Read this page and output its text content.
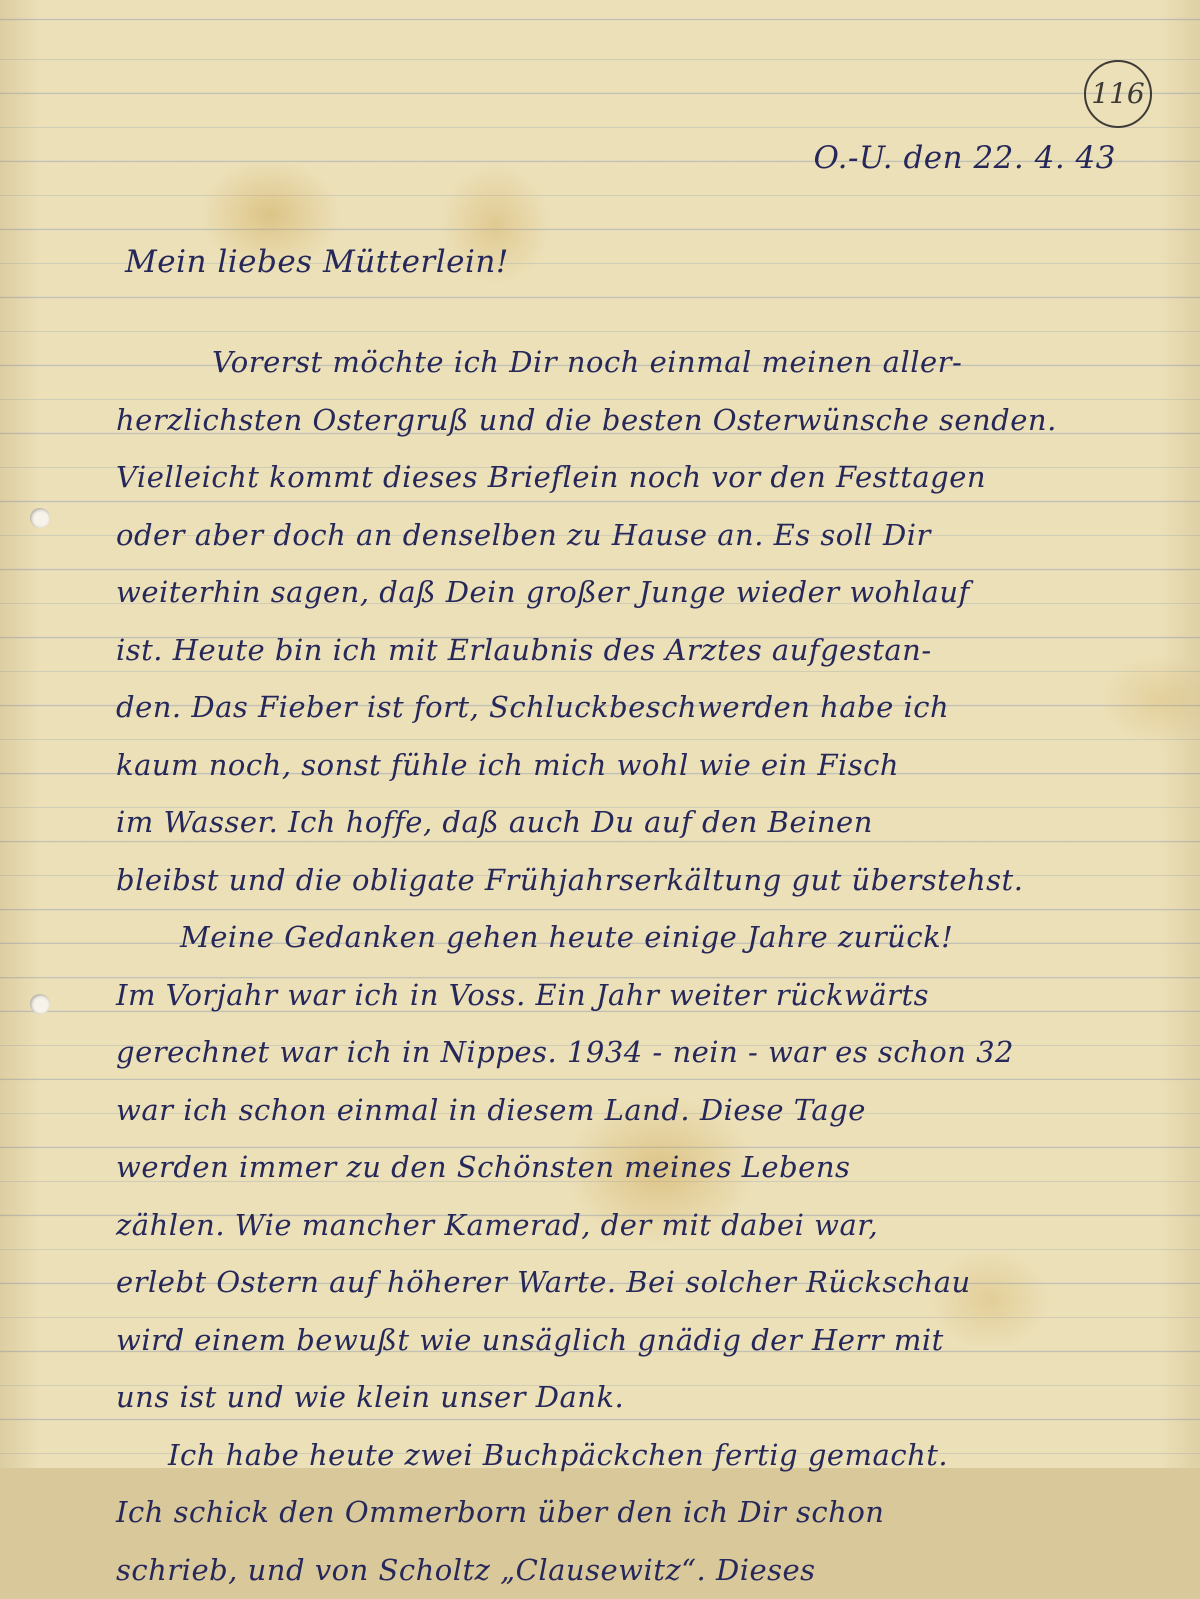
116
O.-U. den 22. 4. 43
Mein liebes Mütterlein!
Vorerst möchte ich Dir noch einmal meinen aller-
herzlichsten Ostergruß und die besten Osterwünsche senden.
Vielleicht kommt dieses Brieflein noch vor den Festtagen
oder aber doch an denselben zu Hause an. Es soll Dir
weiterhin sagen, daß Dein großer Junge wieder wohlauf
ist. Heute bin ich mit Erlaubnis des Arztes aufgestan-
den. Das Fieber ist fort, Schluckbeschwerden habe ich
kaum noch, sonst fühle ich mich wohl wie ein Fisch
im Wasser. Ich hoffe, daß auch Du auf den Beinen
bleibst und die obligate Frühjahrserkältung gut überstehst.
Meine Gedanken gehen heute einige Jahre zurück!
Im Vorjahr war ich in Voss. Ein Jahr weiter rückwärts
gerechnet war ich in Nippes. 1934 - nein - war es schon 32
war ich schon einmal in diesem Land. Diese Tage
werden immer zu den Schönsten meines Lebens
zählen. Wie mancher Kamerad, der mit dabei war,
erlebt Ostern auf höherer Warte. Bei solcher Rückschau
wird einem bewußt wie unsäglich gnädig der Herr mit
uns ist und wie klein unser Dank.
Ich habe heute zwei Buchpäckchen fertig gemacht.
Ich schick den Ommerborn über den ich Dir schon
schrieb, und von Scholtz „Clausewitz“. Dieses
